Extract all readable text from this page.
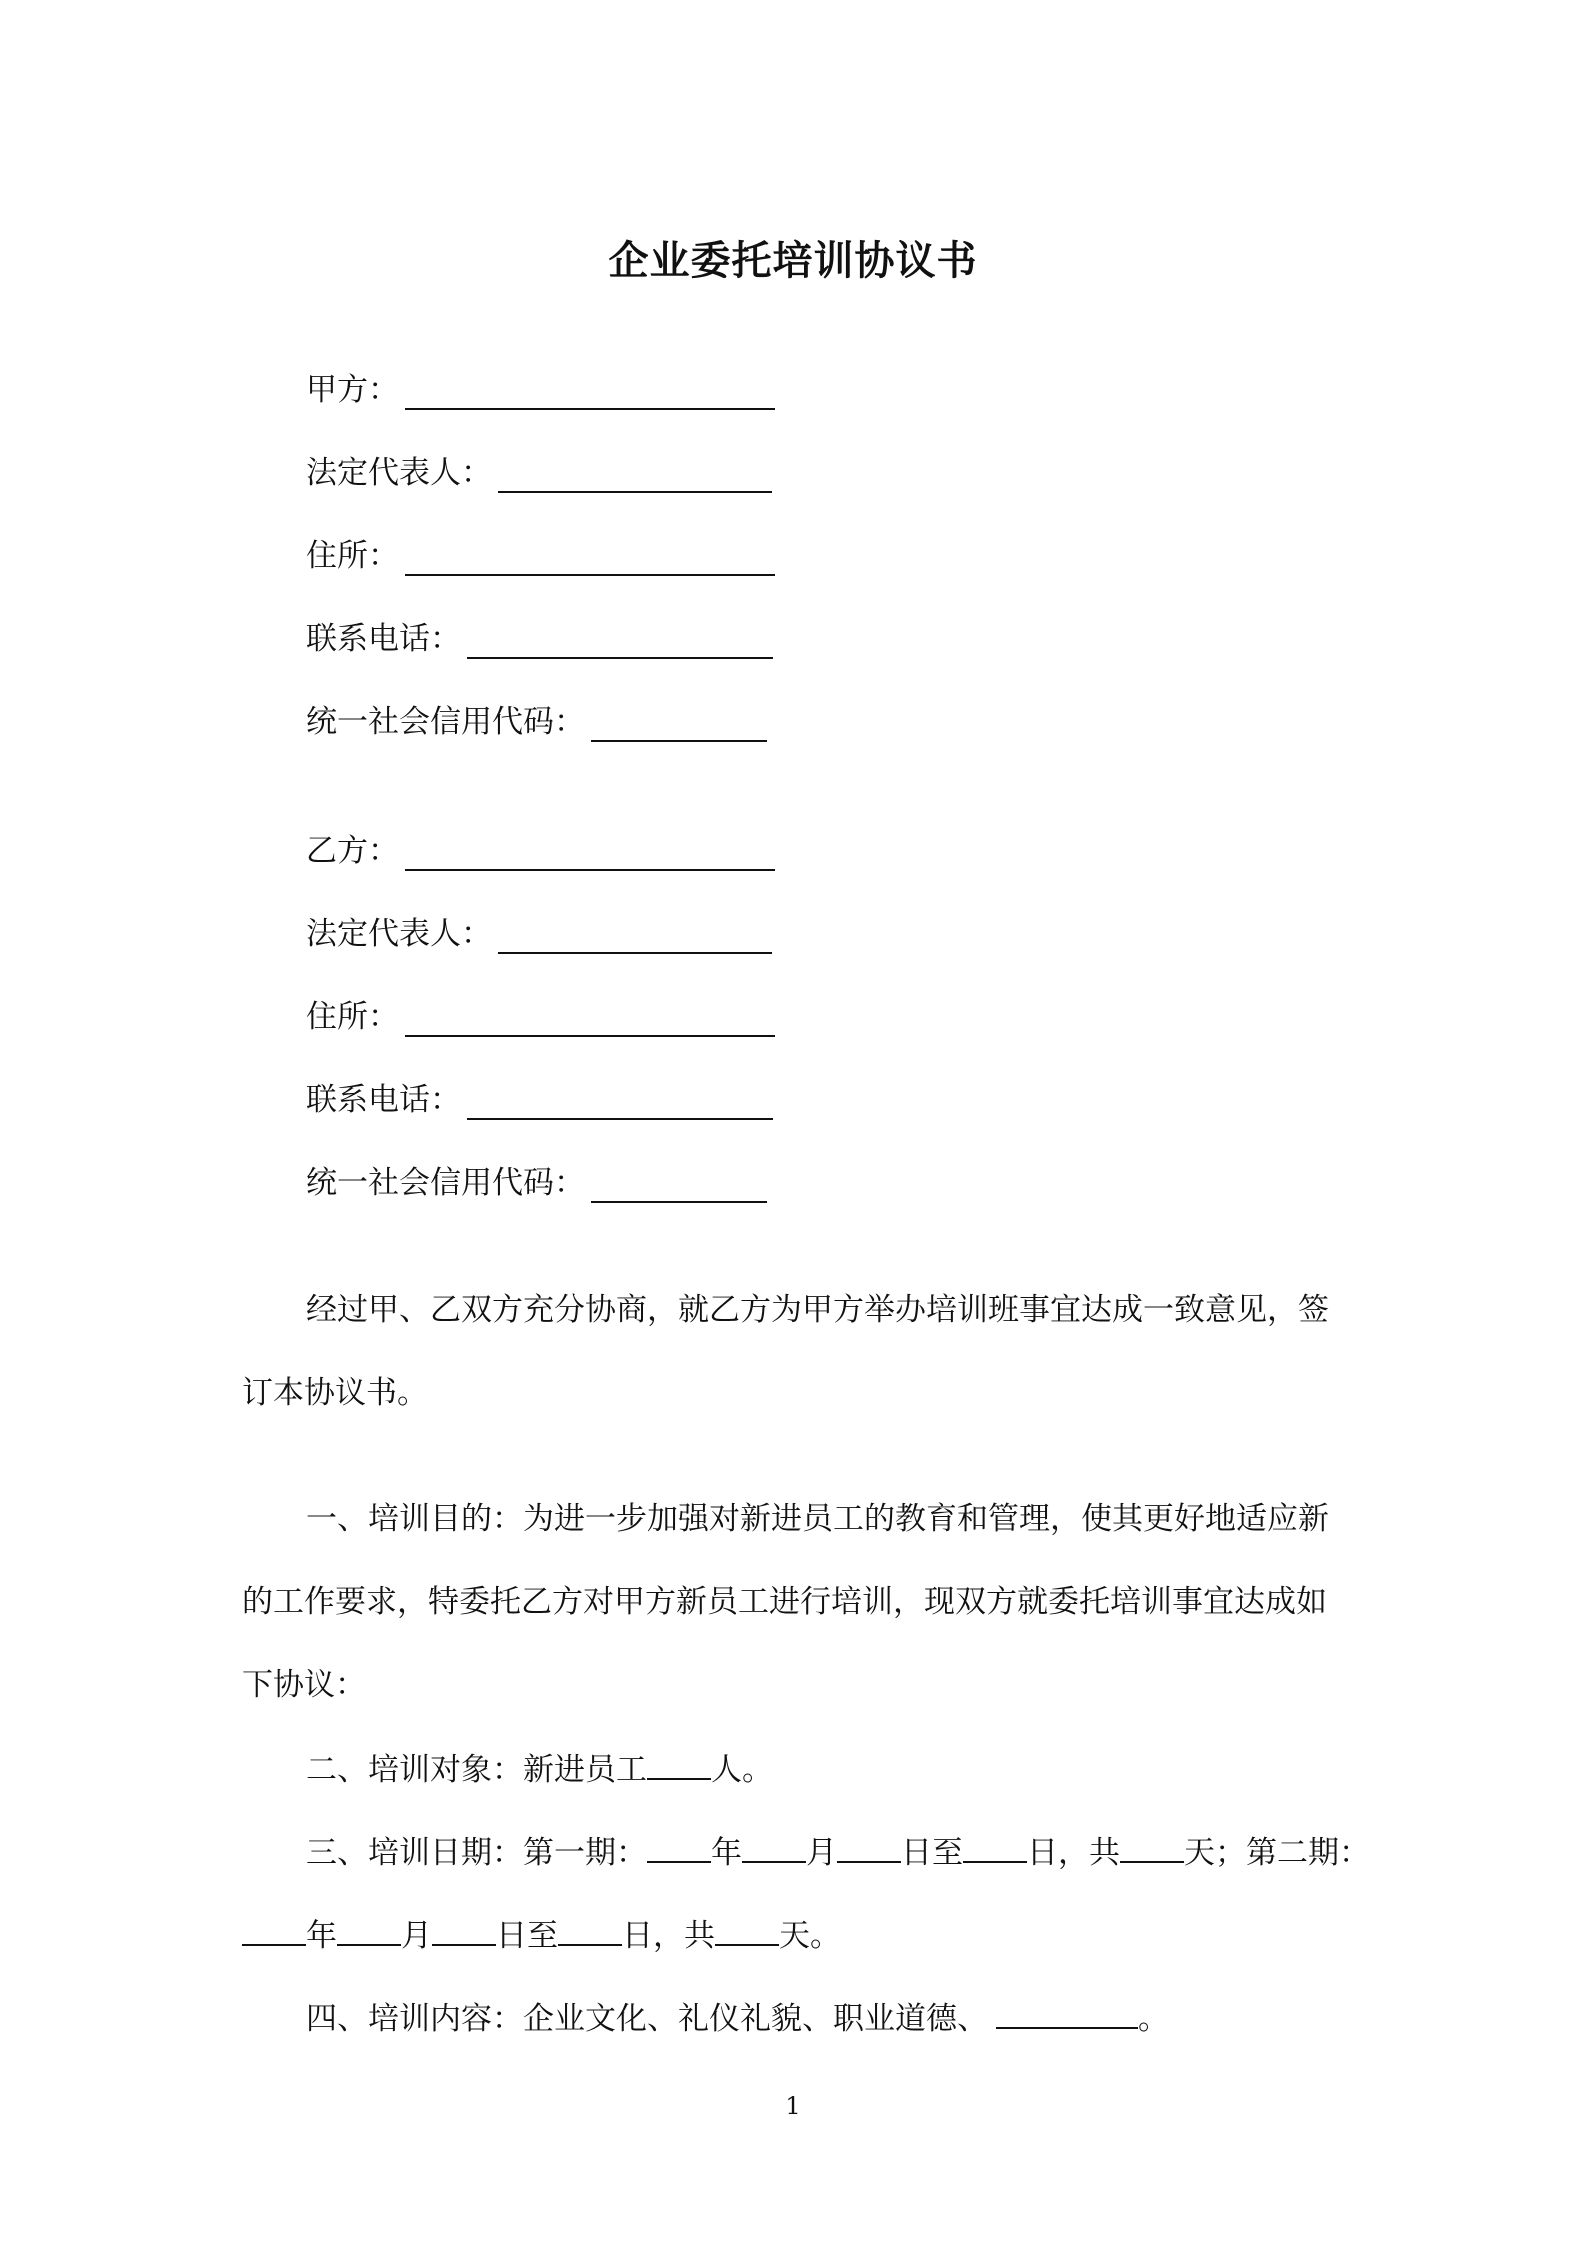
企业委托培训协议书
甲方：
法定代表人：
住所：
联系电话：
统一社会信用代码：
乙方：
法定代表人：
住所：
联系电话：
统一社会信用代码：
经过甲、乙双方充分协商，就乙方为甲方举办培训班事宜达成一致意见，签
订本协议书。
一、培训目的：为进一步加强对新进员工的教育和管理，使其更好地适应新
的工作要求，特委托乙方对甲方新员工进行培训，现双方就委托培训事宜达成如
下协议：
二、培训对象：新进员工 人。
三、培训日期：第一期： 年 月 日至 日，共 天；第二期：
年 月 日至 日，共 天。
四、培训内容：企业文化、礼仪礼貌、职业道德、	。
1
